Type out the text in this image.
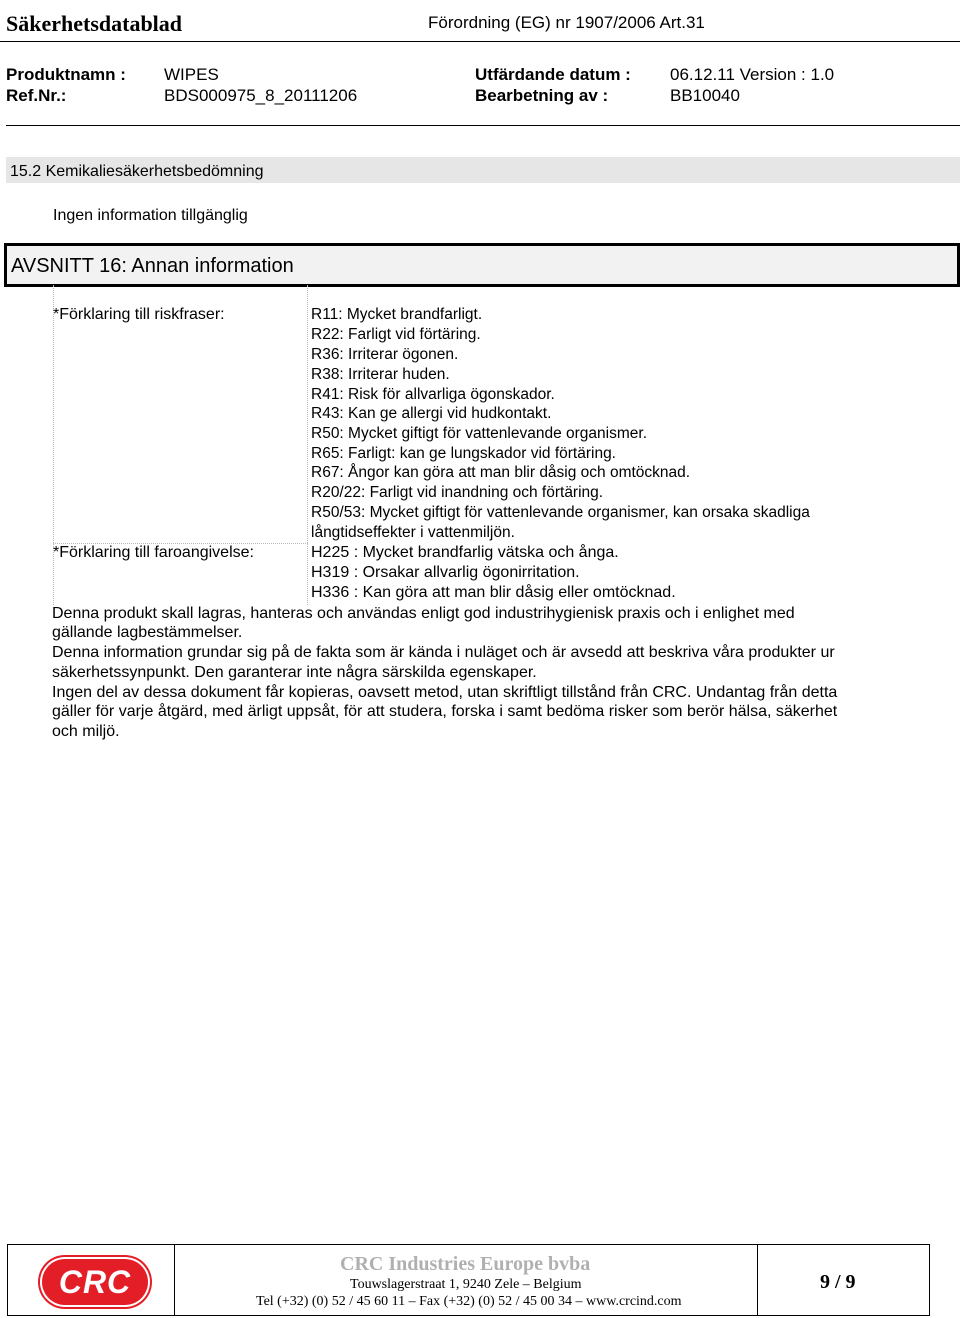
Säkerhetsdatablad	Förordning (EG) nr 1907/2006 Art.31
Produktnamn : WIPES
Ref.Nr.:	BDS000975_8_20111206
Utfärdande datum : 06.12.11 Version : 1.0
Bearbetning av :	BB10040
15.2 Kemikaliesäkerhetsbedömning
Ingen information tillgänglig
AVSNITT 16: Annan information
*Förklaring till riskfraser:	R11: Mycket brandfarligt.
R22: Farligt vid förtäring.
R36: Irriterar ögonen.
R38: Irriterar huden.
R41: Risk för allvarliga ögonskador.
R43: Kan ge allergi vid hudkontakt.
R50: Mycket giftigt för vattenlevande organismer.
R65: Farligt: kan ge lungskador vid förtäring.
R67: Ångor kan göra att man blir dåsig och omtöcknad.
R20/22: Farligt vid inandning och förtäring.
R50/53: Mycket giftigt för vattenlevande organismer, kan orsaka skadliga
långtidseffekter i vattenmiljön.
*Förklaring till faroangivelse:	H225 : Mycket brandfarlig vätska och ånga.
H319 : Orsakar allvarlig ögonirritation.
H336 : Kan göra att man blir dåsig eller omtöcknad.
Denna produkt skall lagras, hanteras och användas enligt god industrihygienisk praxis och i enlighet med
gällande lagbestämmelser.
Denna information grundar sig på de fakta som är kända i nuläget och är avsedd att beskriva våra produkter ur
säkerhetssynpunkt. Den garanterar inte några särskilda egenskaper.
Ingen del av dessa dokument får kopieras, oavsett metod, utan skriftligt tillstånd från CRC. Undantag från detta
gäller för varje åtgärd, med ärligt uppsåt, för att studera, forska i samt bedöma risker som berör hälsa, säkerhet
och miljö.
CRC	CRC Industries Europe bvba
Touwslagerstraat 1, 9240 Zele – Belgium
Tel (+32) (0) 52 / 45 60 11 – Fax (+32) (0) 52 / 45 00 34 – www.crcind.com
9 / 9
